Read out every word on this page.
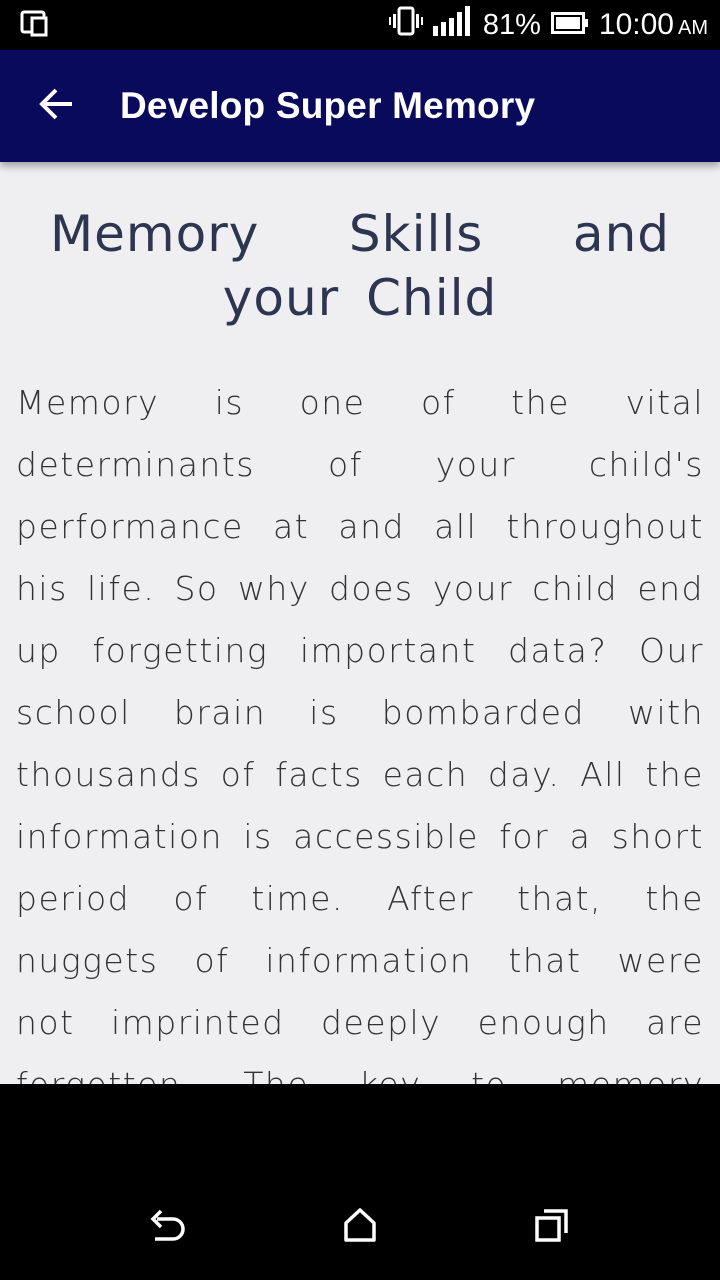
81% 10:00 AM
Develop Super Memory
Memory Skills and your Child

Memory is one of the vital determinants of your child's performance at and all throughout his life. So why does your child end up forgetting important data? Our school brain is bombarded with thousands of facts each day. All the information is accessible for a short period of time. After that, the nuggets of information that were not imprinted deeply enough are
